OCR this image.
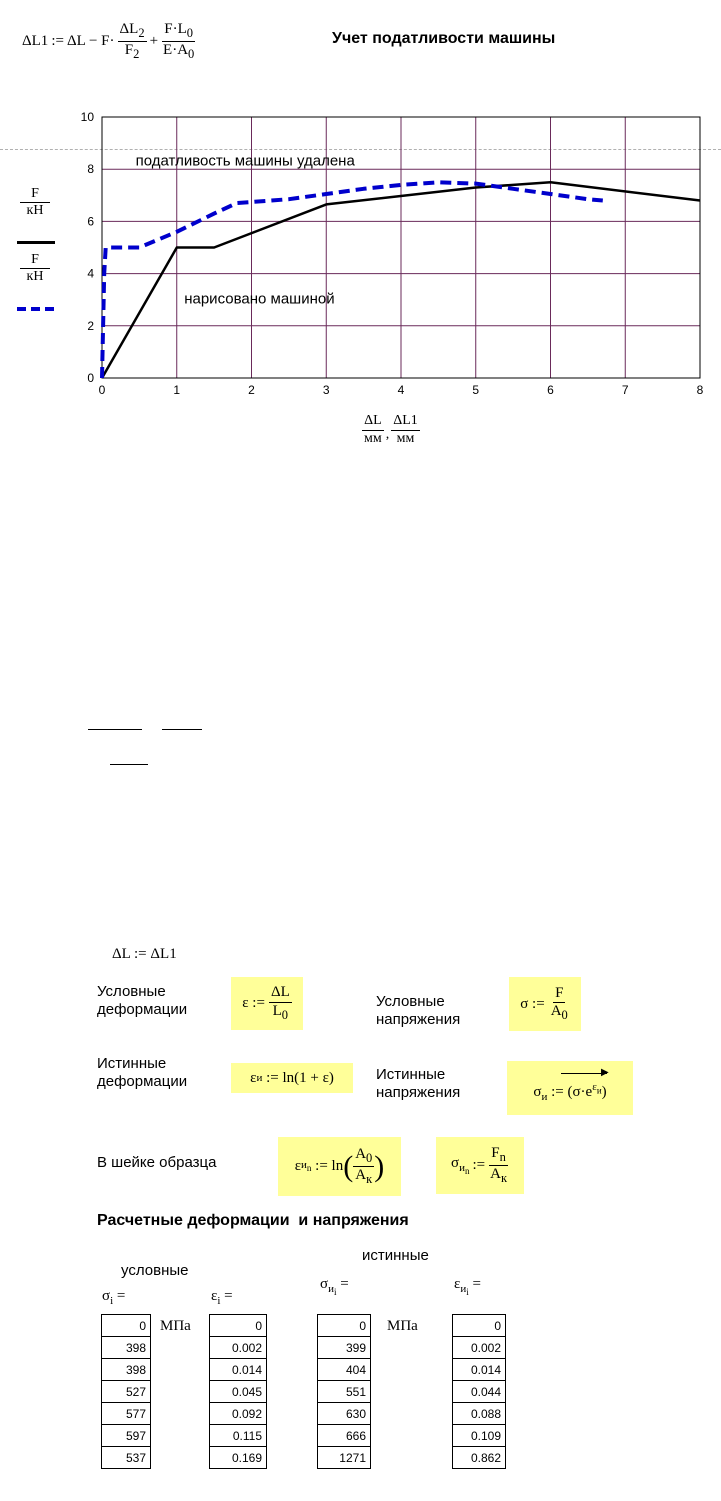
ΔL1 := $\Delta L - F\cdot \frac{\Delta L_2}{F_2} + \frac{F\cdot L_0}{E\cdot A_0}$	Учет податливости машины
0	1	2	3	4	5	6	7	8
0
2
4
6
8
10
податливость машины удалена
нарисовано машиной
F
кН
F
кН
$\frac{\Delta L}{мм}$ , $\frac{\Delta L1}{мм}$
ΔL := ΔL1
Условные
деформации	ε := $\frac{\Delta L}{L_0}$	Условные
напряжения
σ := $\frac{F}{A_0}$
Истинные
деформации	ε и
:= ln(1 + ε)	Истинные
напряжения
▶
$\sigma_и$ := $(\sigma\cdot e^{\varepsilon_и})$
В шейке образца	ε $и_n$
:= ln ( $\frac{A_0}{A_к}$ )	$\sigma_{и_n}$ := $\frac{F_n}{A_к}$
Расчетные деформации  и напряжения
условные
истинные
$\sigma_i$ =	$\varepsilon_i$ =
$\sigma_{и_i}$ =	$\varepsilon_{и_i}$ =
0
398
398
527
577
597
537
МПа	0
0.002
0.014
0.045
0.092
0.115
0.169
0
399
404
551
630
666
1271
МПа	0
0.002
0.014
0.044
0.088
0.109
0.862
